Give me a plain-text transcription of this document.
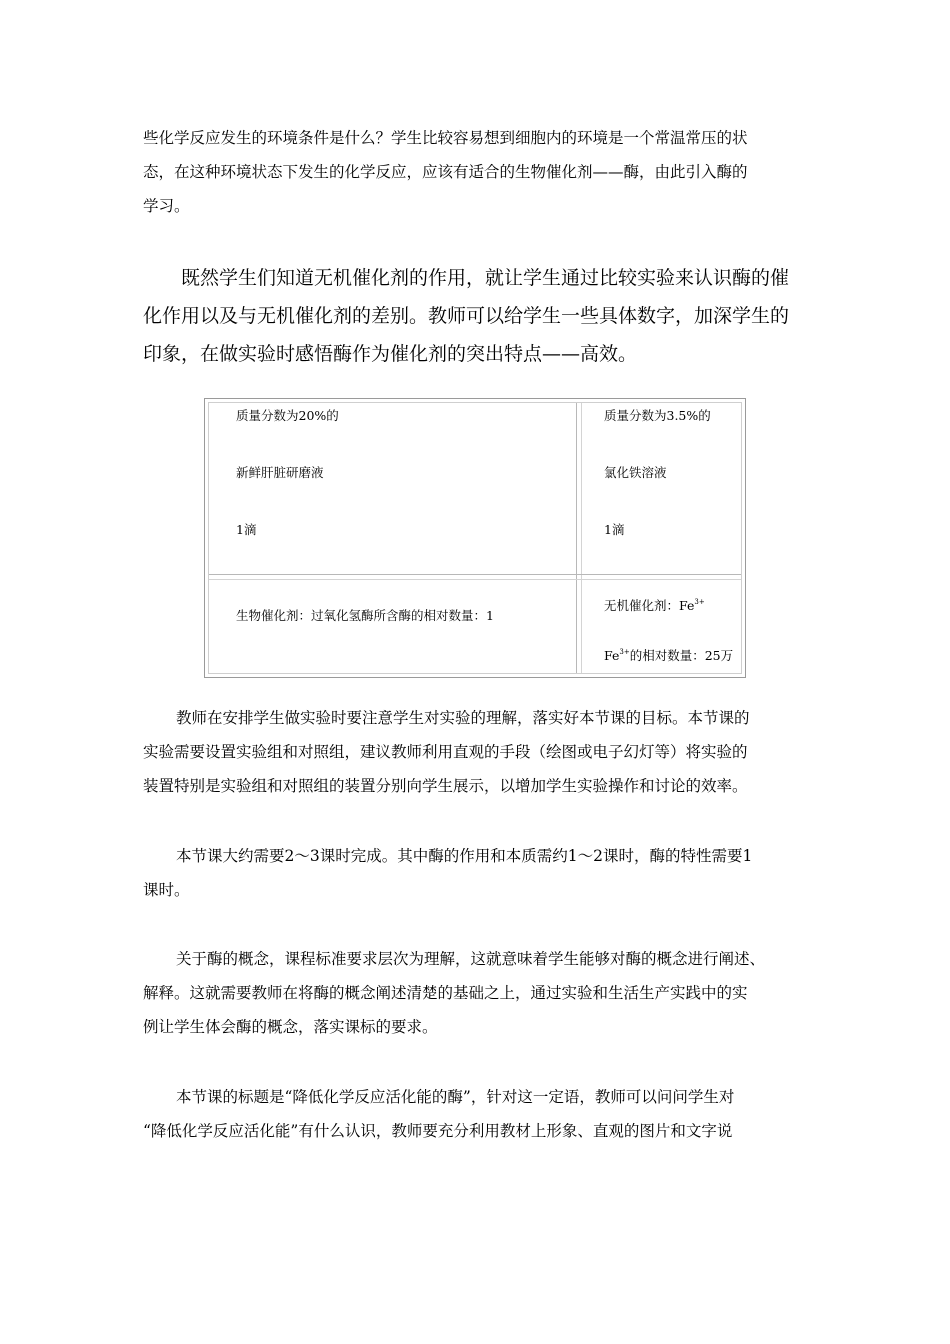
些化学反应发生的环境条件是什么？学生比较容易想到细胞内的环境是一个常温常压的状
态，在这种环境状态下发生的化学反应，应该有适合的生物催化剂——酶，由此引入酶的
学习。
既然学生们知道无机催化剂的作用，就让学生通过比较实验来认识酶的催
化作用以及与无机催化剂的差别。教师可以给学生一些具体数字，加深学生的
印象，在做实验时感悟酶作为催化剂的突出特点——高效。
质量分数为20%的
新鲜肝脏研磨液
1滴
质量分数为3.5%的
氯化铁溶液
1滴
生物催化剂：过氧化氢酶所含酶的相对数量：1
无机催化剂：$Fe^{3+}$
$Fe^{3+}$的相对数量：25万
教师在安排学生做实验时要注意学生对实验的理解，落实好本节课的目标。本节课的
实验需要设置实验组和对照组，建议教师利用直观的手段（绘图或电子幻灯等）将实验的
装置特别是实验组和对照组的装置分别向学生展示，以增加学生实验操作和讨论的效率。
本节课大约需要2～3课时完成。其中酶的作用和本质需约1～2课时，酶的特性需要1
课时。
关于酶的概念，课程标准要求层次为理解，这就意味着学生能够对酶的概念进行阐述、
解释。这就需要教师在将酶的概念阐述清楚的基础之上，通过实验和生活生产实践中的实
例让学生体会酶的概念，落实课标的要求。
本节课的标题是“降低化学反应活化能的酶”，针对这一定语，教师可以问问学生对
“降低化学反应活化能”有什么认识，教师要充分利用教材上形象、直观的图片和文字说
